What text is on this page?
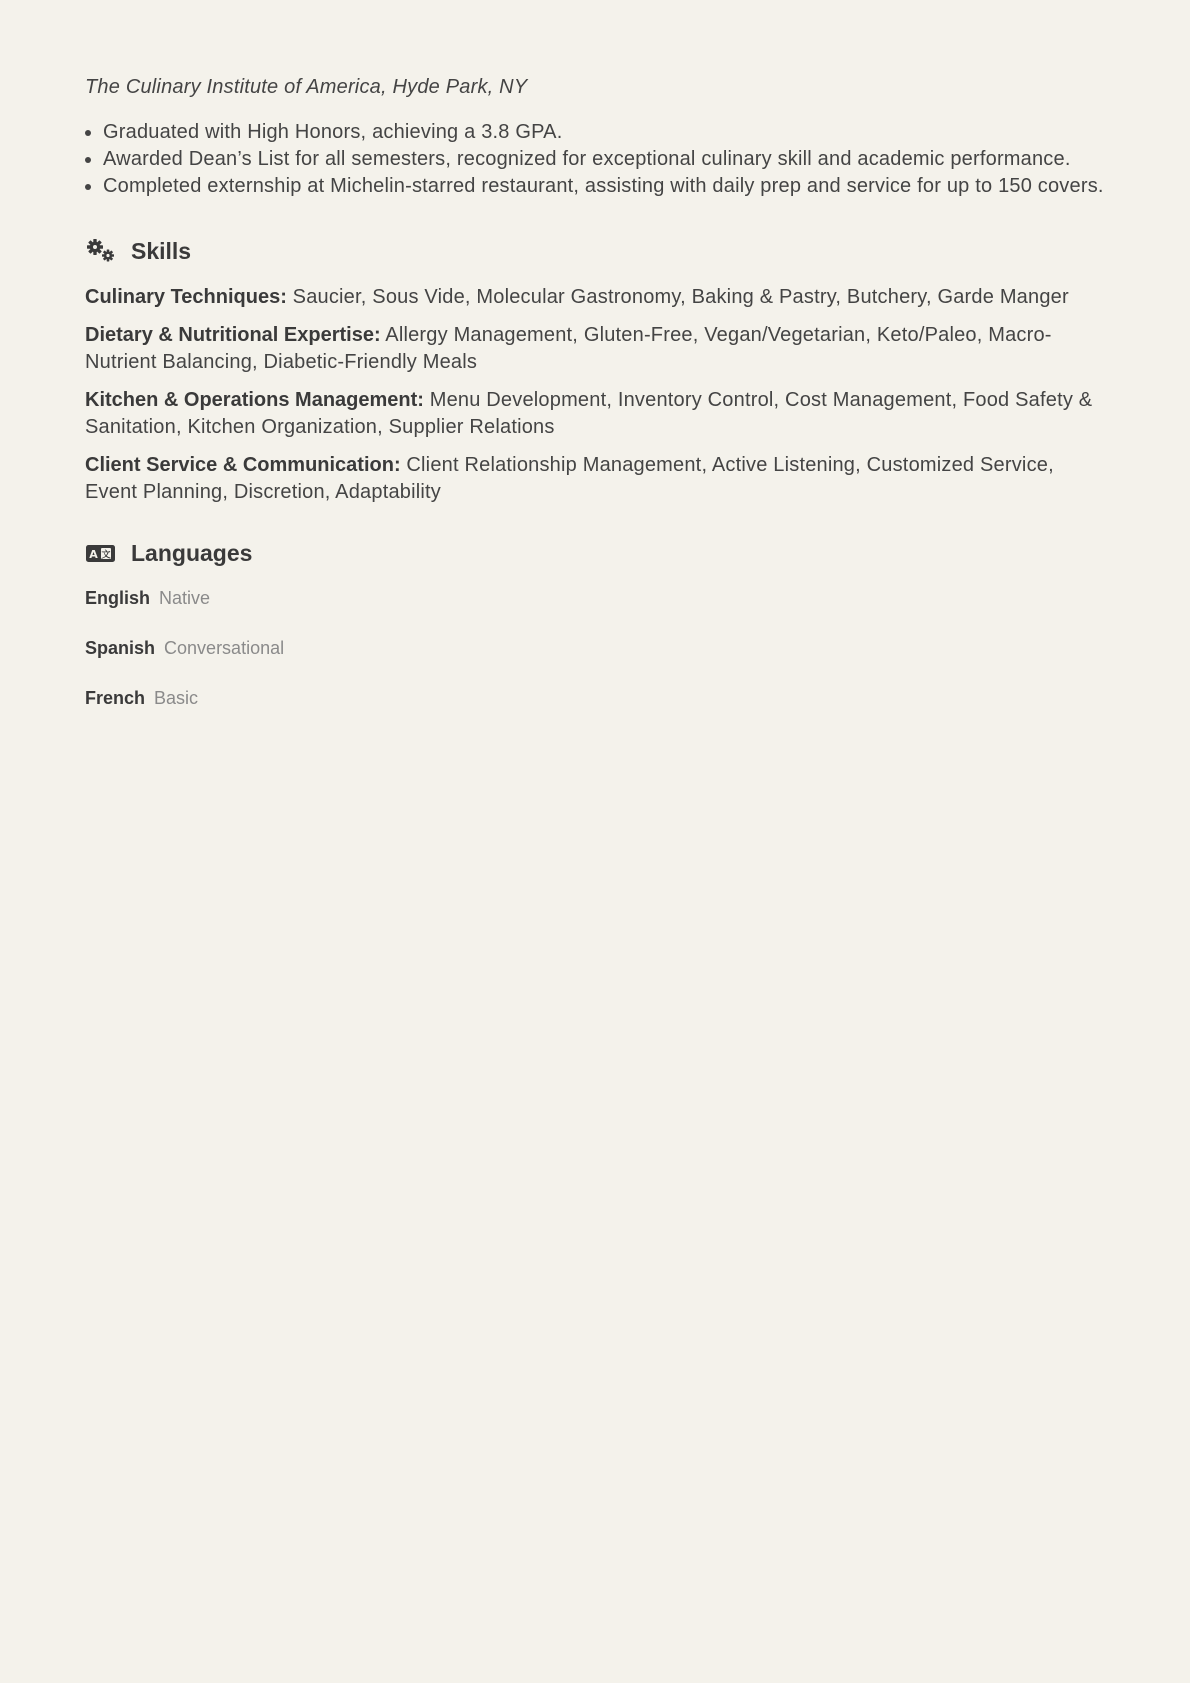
The Culinary Institute of America, Hyde Park, NY
• Graduated with High Honors, achieving a 3.8 GPA.
• Awarded Dean’s List for all semesters, recognized for exceptional culinary skill and academic performance.
• Completed externship at Michelin-starred restaurant, assisting with daily prep and service for up to 150 covers.
Skills
Culinary Techniques: Saucier, Sous Vide, Molecular Gastronomy, Baking & Pastry, Butchery, Garde Manger
Dietary & Nutritional Expertise: Allergy Management, Gluten-Free, Vegan/Vegetarian, Keto/Paleo, Macro-Nutrient Balancing, Diabetic-Friendly Meals
Kitchen & Operations Management: Menu Development, Inventory Control, Cost Management, Food Safety & Sanitation, Kitchen Organization, Supplier Relations
Client Service & Communication: Client Relationship Management, Active Listening, Customized Service, Event Planning, Discretion, Adaptability
A 文 Languages
English Native
Spanish Conversational
French Basic
